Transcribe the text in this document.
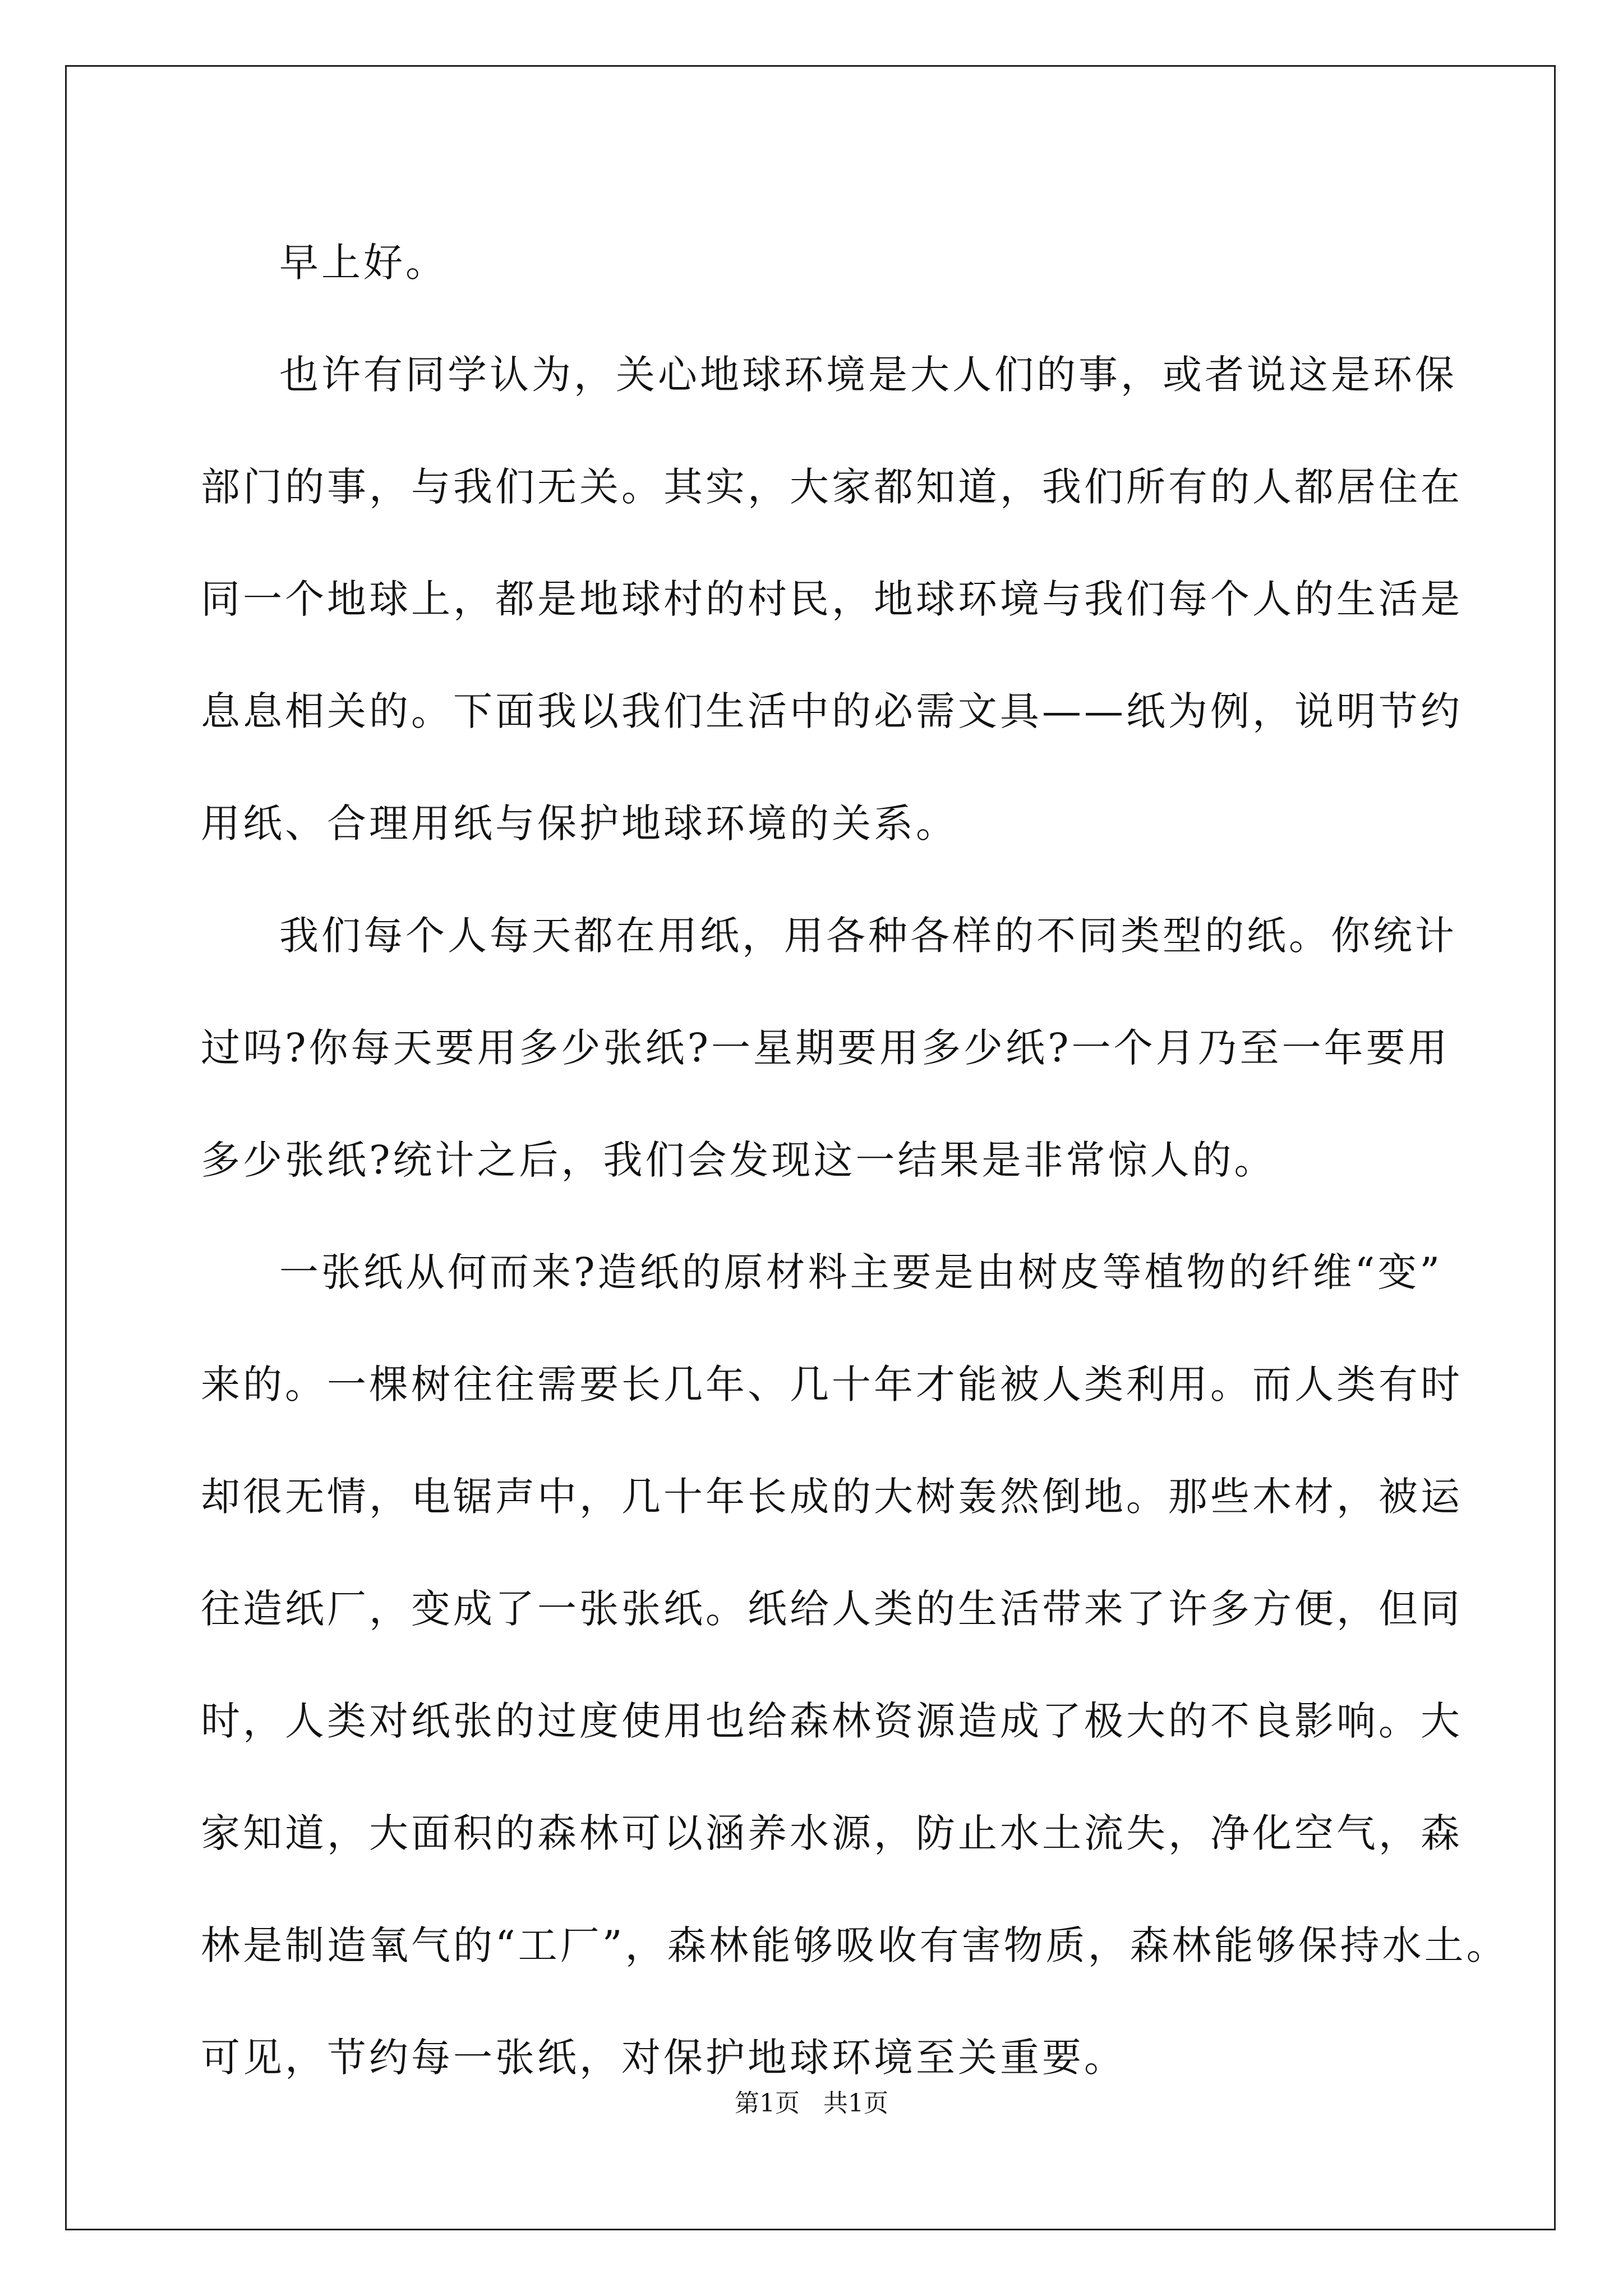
早上好。
也许有同学认为，关心地球环境是大人们的事，或者说这是环保
部门的事，与我们无关。其实，大家都知道，我们所有的人都居住在
同一个地球上，都是地球村的村民，地球环境与我们每个人的生活是
息息相关的。下面我以我们生活中的必需文具——纸为例，说明节约
用纸、合理用纸与保护地球环境的关系。
我们每个人每天都在用纸，用各种各样的不同类型的纸。你统计
过吗?你每天要用多少张纸?一星期要用多少纸?一个月乃至一年要用
多少张纸?统计之后，我们会发现这一结果是非常惊人的。
一张纸从何而来?造纸的原材料主要是由树皮等植物的纤维“变”
来的。一棵树往往需要长几年、几十年才能被人类利用。而人类有时
却很无情，电锯声中，几十年长成的大树轰然倒地。那些木材，被运
往造纸厂，变成了一张张纸。纸给人类的生活带来了许多方便，但同
时，人类对纸张的过度使用也给森林资源造成了极大的不良影响。大
家知道，大面积的森林可以涵养水源，防止水土流失，净化空气，森
林是制造氧气的“工厂”，森林能够吸收有害物质，森林能够保持水土。
可见，节约每一张纸，对保护地球环境至关重要。
第1页   共1页
